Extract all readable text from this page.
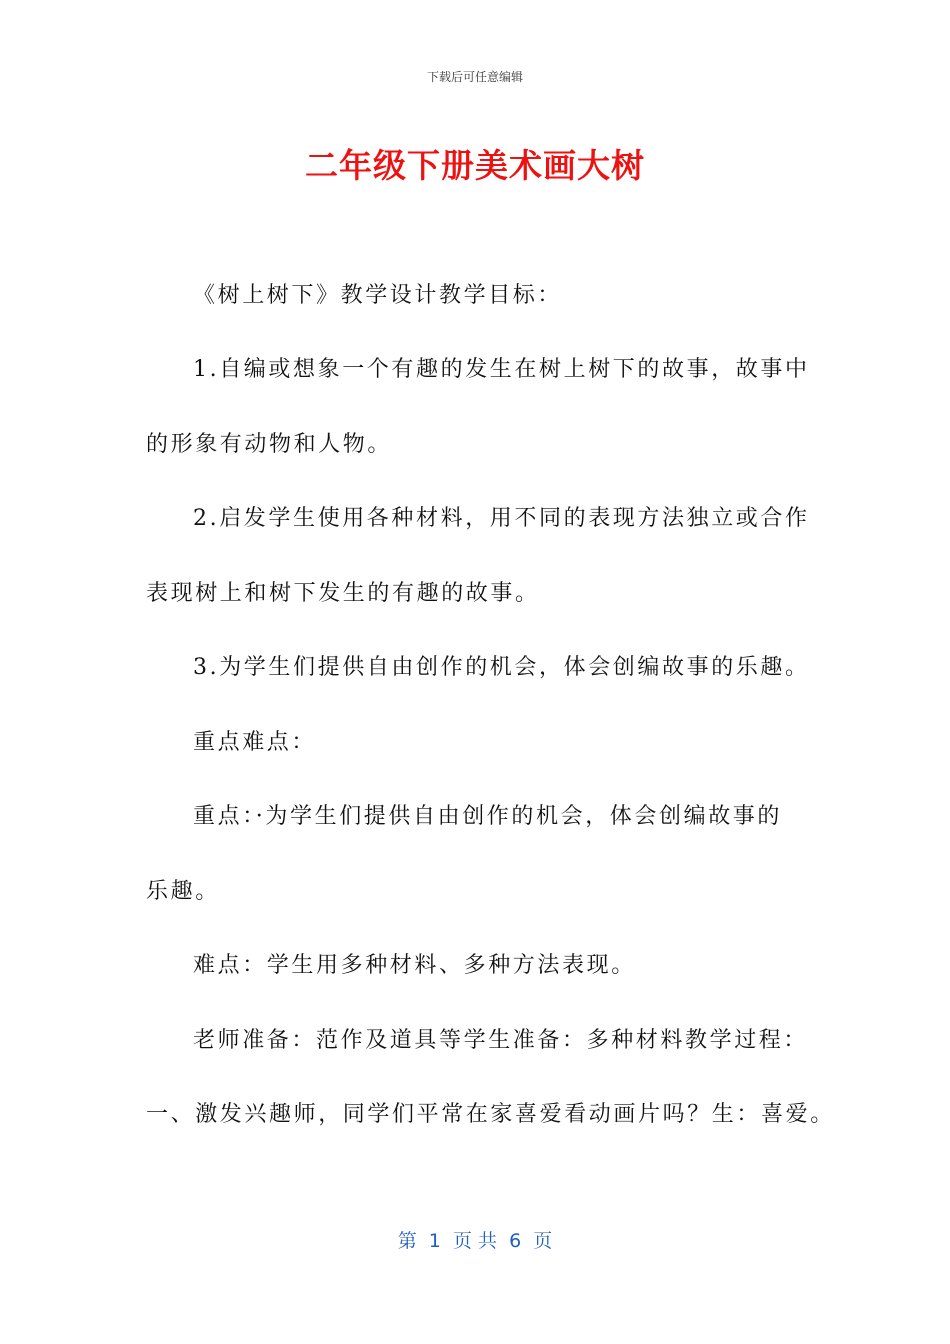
下载后可任意编辑
二年级下册美术画大树

《树上树下》教学设计教学目标：

1.自编或想象一个有趣的发生在树上树下的故事，故事中

的形象有动物和人物。

2.启发学生使用各种材料，用不同的表现方法独立或合作

表现树上和树下发生的有趣的故事。

3.为学生们提供自由创作的机会，体会创编故事的乐趣。

重点难点：

重点：·为学生们提供自由创作的机会，体会创编故事的

乐趣。

难点：学生用多种材料、多种方法表现。

老师准备：范作及道具等学生准备：多种材料教学过程：

一、激发兴趣师，同学们平常在家喜爱看动画片吗？生：喜爱。

第  1  页 共  6  页
